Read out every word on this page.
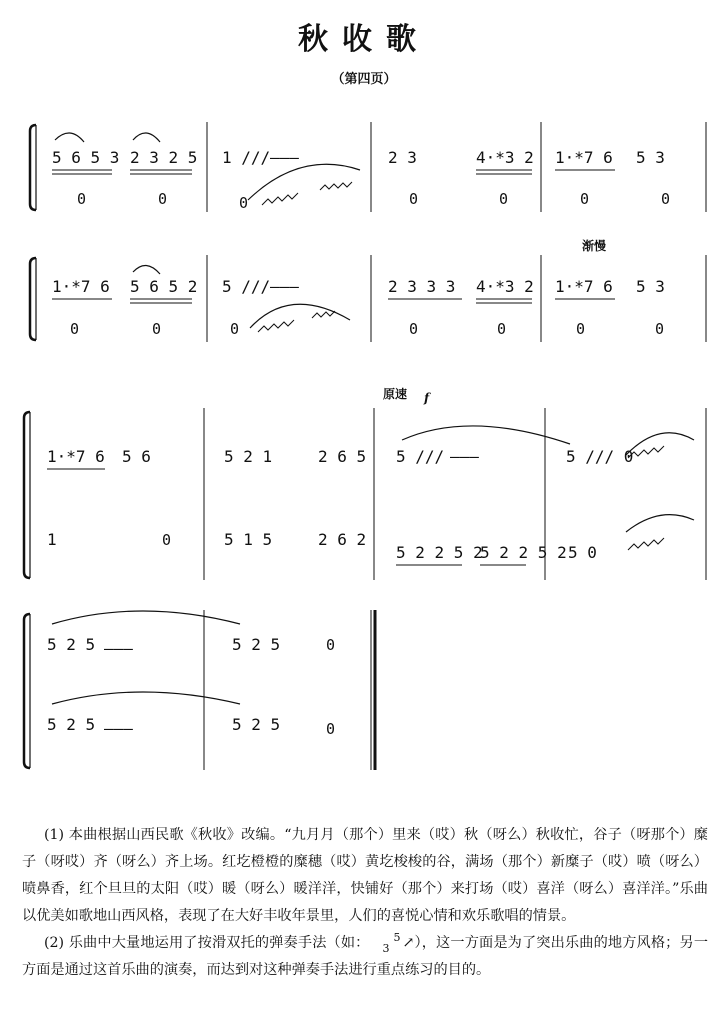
秋收歌
（第四页）
5 6 5 3 2 3 2 5
0	0
1 /// ———
0
2 3	4·*3 2
0	0
1·*7 6 5 3
0	0
渐慢
1·*7 6 5 6 5 2
0	0
5 /// ———
0
2 3 3 3 4·*3 2
0	0
1·*7 6 5 3
0	0
原速 f
1·*7 6 5 6
1	0
5 2 1	2 6 5
5 1 5	2 6 2
5 /// ———
5 2 2 5 2
5 2 2 5 2
5 /// 0
5 0
5 2 5 ———
5 2 5 ———
5 2 5	0
5 2 5	0

(1) 本曲根据山西民歌《秋收》改编。“九月月（那个）里来（哎）秋（呀么）秋收忙，谷子（呀那个）糜子（呀哎）齐（呀么）齐上场。红圪橙橙的糜穗（哎）黄圪梭梭的谷，满场（那个）新糜子（哎）喷（呀么）喷鼻香，红个旦旦的太阳（哎）暖（呀么）暖洋洋，快铺好（那个）来打场（哎）喜洋（呀么）喜洋洋。”乐曲以优美如歌地山西风格，表现了在大好丰收年景里，人们的喜悦心情和欢乐歌唱的情景。

(2) 乐曲中大量地运用了按滑双托的弹奏手法（如： 5
3 ↗），这一方面是为了突出乐曲的地方风格；另一方面是通过这首乐曲的演奏，而达到对这种弹奏手法进行重点练习的目的。
